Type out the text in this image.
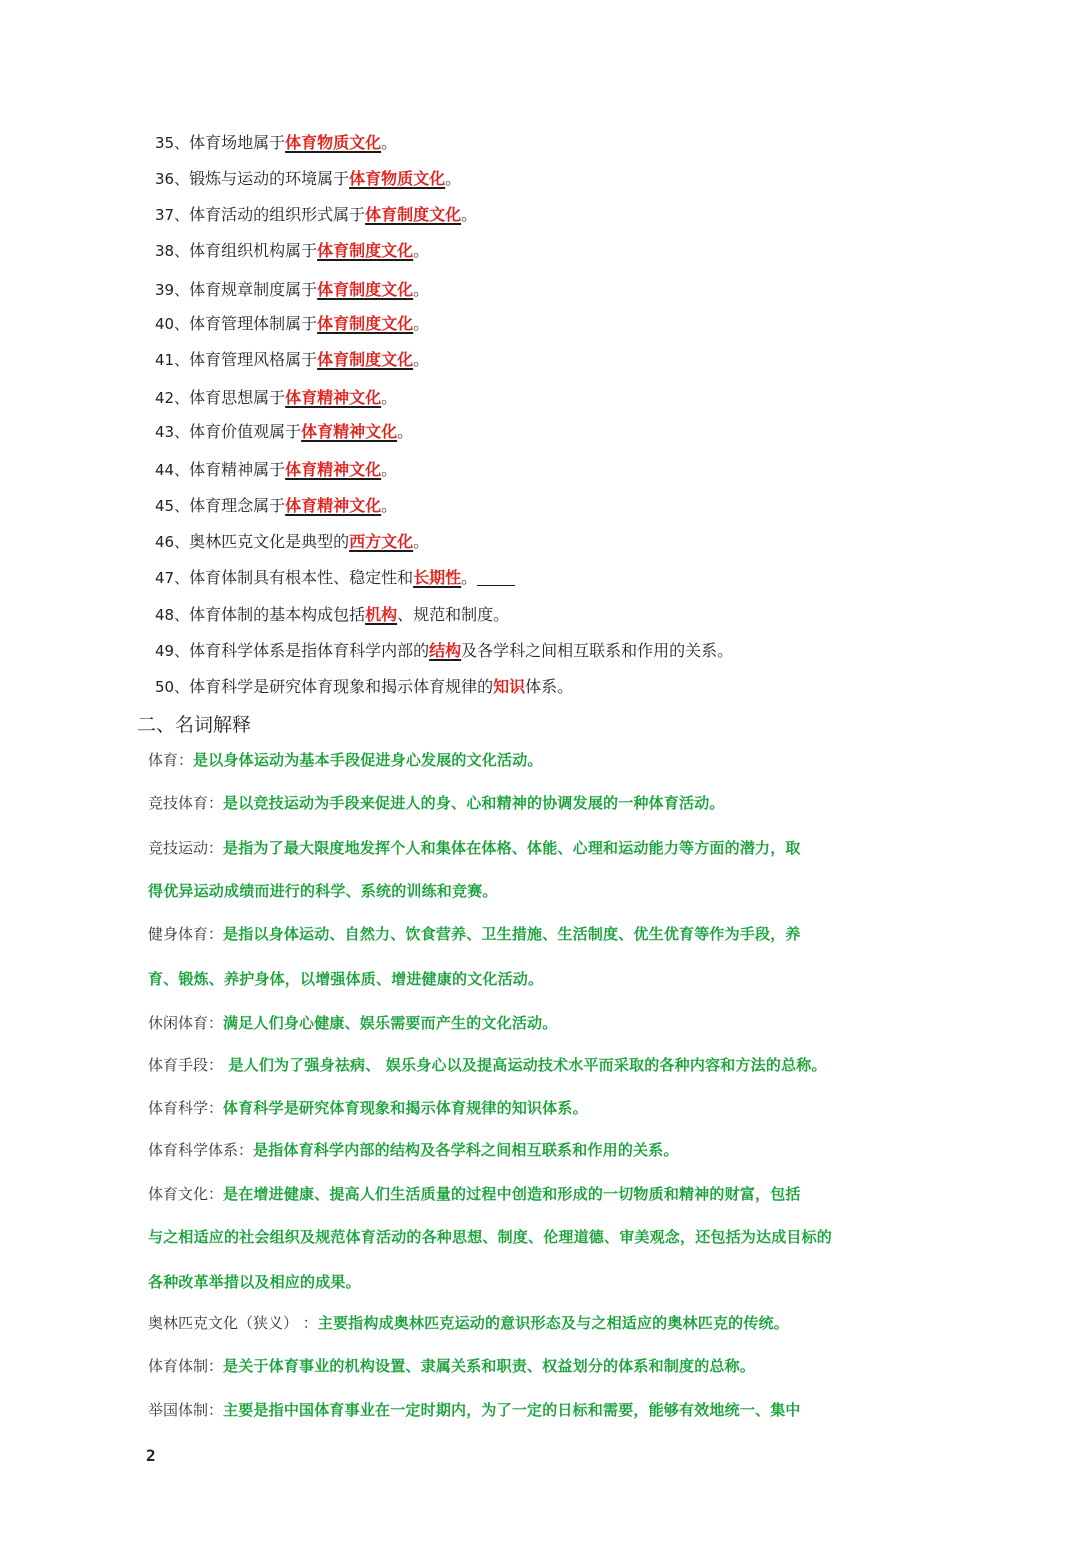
35、体育场地属于体育物质文化。
36、锻炼与运动的环境属于体育物质文化。
37、体育活动的组织形式属于体育制度文化。
38、体育组织机构属于体育制度文化。
39、体育规章制度属于体育制度文化。
40、体育管理体制属于体育制度文化。
41、体育管理风格属于体育制度文化。
42、体育思想属于体育精神文化。
43、体育价值观属于体育精神文化。
44、体育精神属于体育精神文化。
45、体育理念属于体育精神文化。
46、奥林匹克文化是典型的西方文化。
47、体育体制具有根本性、稳定性和长期性。
48、体育体制的基本构成包括机构、规范和制度。
49、体育科学体系是指体育科学内部的结构及各学科之间相互联系和作用的关系。
50、体育科学是研究体育现象和揭示体育规律的知识体系。
二、名词解释
体育：是以身体运动为基本手段促进身心发展的文化活动。
竞技体育：是以竞技运动为手段来促进人的身、心和精神的协调发展的一种体育活动。
竞技运动：是指为了最大限度地发挥个人和集体在体格、体能、心理和运动能力等方面的潜力，取
得优异运动成绩而进行的科学、系统的训练和竞赛。
健身体育：是指以身体运动、自然力、饮食营养、卫生措施、生活制度、优生优育等作为手段，养
育、锻炼、养护身体，以增强体质、增进健康的文化活动。
休闲体育：满足人们身心健康、娱乐需要而产生的文化活动。
体育手段： 是人们为了强身祛病、 娱乐身心以及提高运动技术水平而采取的各种内容和方法的总称。
体育科学：体育科学是研究体育现象和揭示体育规律的知识体系。
体育科学体系：是指体育科学内部的结构及各学科之间相互联系和作用的关系。
体育文化：是在增进健康、提高人们生活质量的过程中创造和形成的一切物质和精神的财富，包括
与之相适应的社会组织及规范体育活动的各种思想、制度、伦理道德、审美观念，还包括为达成目标的
各种改革举措以及相应的成果。
奥林匹克文化（狭义） ：主要指构成奥林匹克运动的意识形态及与之相适应的奥林匹克的传统。
体育体制：是关于体育事业的机构设置、隶属关系和职责、权益划分的体系和制度的总称。
举国体制：主要是指中国体育事业在一定时期内，为了一定的日标和需要，能够有效地统一、集中
2
